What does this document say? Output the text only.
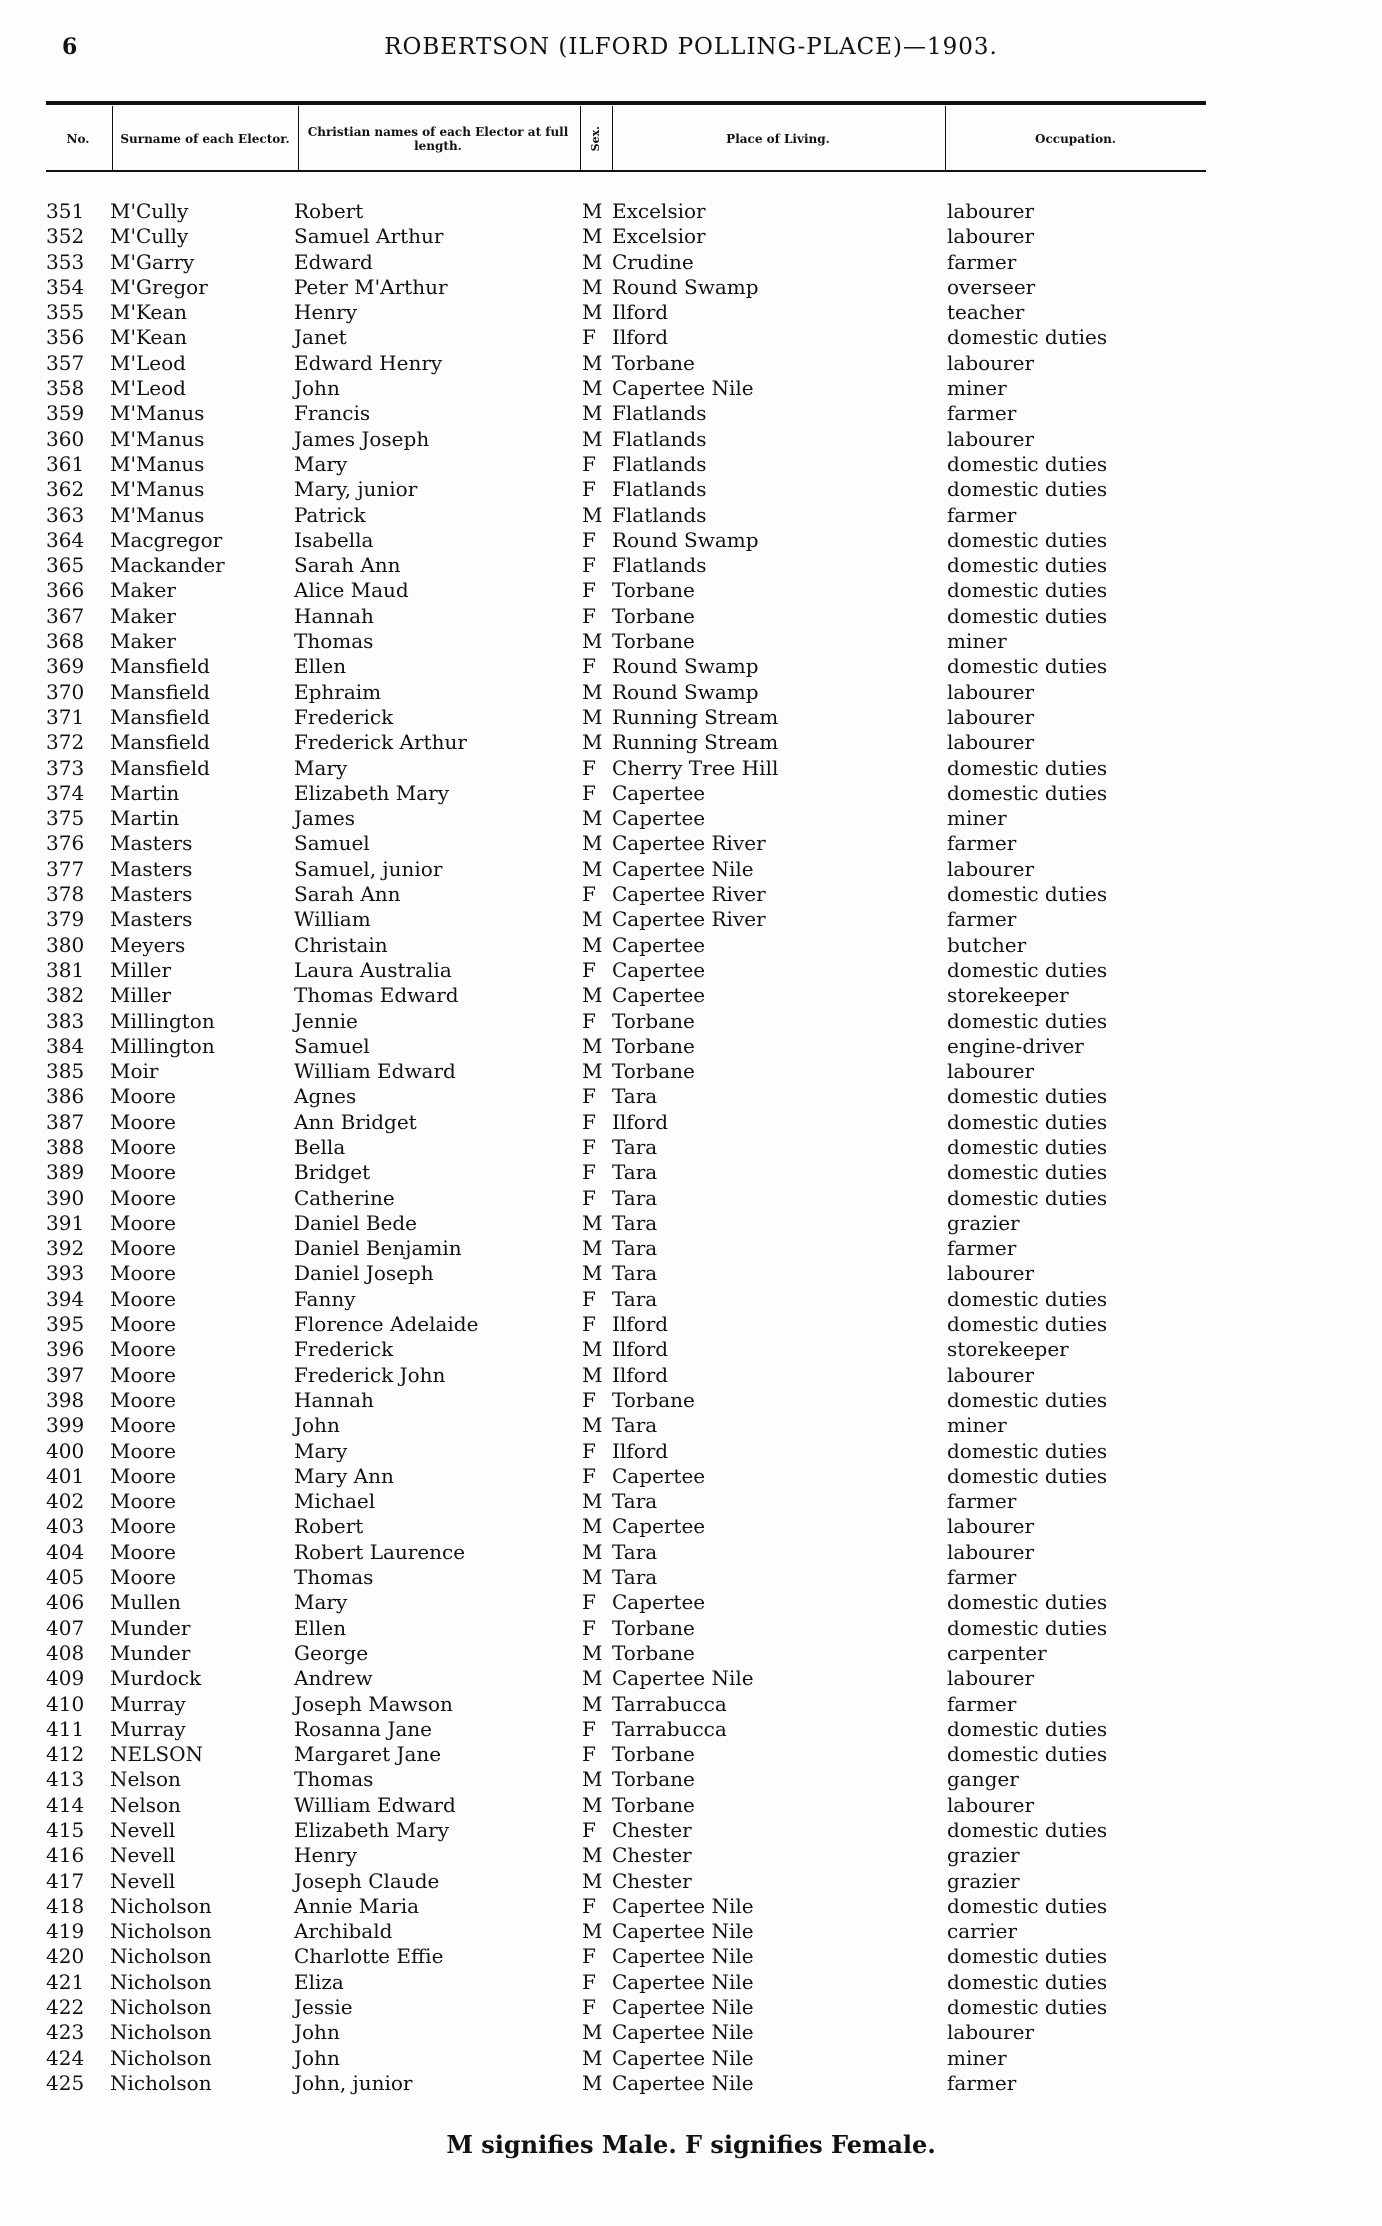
6	ROBERTSON (ILFORD POLLING-PLACE)—1903.
No.	Surname of each Elector.	Christian names of each Elector at full length.	Sex.	Place of Living.	Occupation.
351 M'Cully	Robert	M Excelsior	labourer
352 M'Cully	Samuel Arthur	M Excelsior	labourer
353 M'Garry	Edward	M Crudine	farmer
354 M'Gregor	Peter M'Arthur	M Round Swamp	overseer
355 M'Kean	Henry	M Ilford	teacher
356 M'Kean	Janet	F Ilford	domestic duties
357 M'Leod	Edward Henry	M Torbane	labourer
358 M'Leod	John	M Capertee Nile	miner
359 M'Manus	Francis	M Flatlands	farmer
360 M'Manus	James Joseph	M Flatlands	labourer
361 M'Manus	Mary	F Flatlands	domestic duties
362 M'Manus	Mary, junior	F Flatlands	domestic duties
363 M'Manus	Patrick	M Flatlands	farmer
364 Macgregor	Isabella	F Round Swamp	domestic duties
365 Mackander	Sarah Ann	F Flatlands	domestic duties
366 Maker	Alice Maud	F Torbane	domestic duties
367 Maker	Hannah	F Torbane	domestic duties
368 Maker	Thomas	M Torbane	miner
369 Mansfield	Ellen	F Round Swamp	domestic duties
370 Mansfield	Ephraim	M Round Swamp	labourer
371 Mansfield	Frederick	M Running Stream	labourer
372 Mansfield	Frederick Arthur	M Running Stream	labourer
373 Mansfield	Mary	F Cherry Tree Hill	domestic duties
374 Martin	Elizabeth Mary	F Capertee	domestic duties
375 Martin	James	M Capertee	miner
376 Masters	Samuel	M Capertee River	farmer
377 Masters	Samuel, junior	M Capertee Nile	labourer
378 Masters	Sarah Ann	F Capertee River	domestic duties
379 Masters	William	M Capertee River	farmer
380 Meyers	Christain	M Capertee	butcher
381 Miller	Laura Australia	F Capertee	domestic duties
382 Miller	Thomas Edward	M Capertee	storekeeper
383 Millington	Jennie	F Torbane	domestic duties
384 Millington	Samuel	M Torbane	engine-driver
385 Moir	William Edward	M Torbane	labourer
386 Moore	Agnes	F Tara	domestic duties
387 Moore	Ann Bridget	F Ilford	domestic duties
388 Moore	Bella	F Tara	domestic duties
389 Moore	Bridget	F Tara	domestic duties
390 Moore	Catherine	F Tara	domestic duties
391 Moore	Daniel Bede	M Tara	grazier
392 Moore	Daniel Benjamin	M Tara	farmer
393 Moore	Daniel Joseph	M Tara	labourer
394 Moore	Fanny	F Tara	domestic duties
395 Moore	Florence Adelaide	F Ilford	domestic duties
396 Moore	Frederick	M Ilford	storekeeper
397 Moore	Frederick John	M Ilford	labourer
398 Moore	Hannah	F Torbane	domestic duties
399 Moore	John	M Tara	miner
400 Moore	Mary	F Ilford	domestic duties
401 Moore	Mary Ann	F Capertee	domestic duties
402 Moore	Michael	M Tara	farmer
403 Moore	Robert	M Capertee	labourer
404 Moore	Robert Laurence	M Tara	labourer
405 Moore	Thomas	M Tara	farmer
406 Mullen	Mary	F Capertee	domestic duties
407 Munder	Ellen	F Torbane	domestic duties
408 Munder	George	M Torbane	carpenter
409 Murdock	Andrew	M Capertee Nile	labourer
410 Murray	Joseph Mawson	M Tarrabucca	farmer
411 Murray	Rosanna Jane	F Tarrabucca	domestic duties
412 NELSON	Margaret Jane	F Torbane	domestic duties
413 Nelson	Thomas	M Torbane	ganger
414 Nelson	William Edward	M Torbane	labourer
415 Nevell	Elizabeth Mary	F Chester	domestic duties
416 Nevell	Henry	M Chester	grazier
417 Nevell	Joseph Claude	M Chester	grazier
418 Nicholson	Annie Maria	F Capertee Nile	domestic duties
419 Nicholson	Archibald	M Capertee Nile	carrier
420 Nicholson	Charlotte Effie	F Capertee Nile	domestic duties
421 Nicholson	Eliza	F Capertee Nile	domestic duties
422 Nicholson	Jessie	F Capertee Nile	domestic duties
423 Nicholson	John	M Capertee Nile	labourer
424 Nicholson	John	M Capertee Nile	miner
425 Nicholson	John, junior	M Capertee Nile	farmer
M signifies Male. F signifies Female.
